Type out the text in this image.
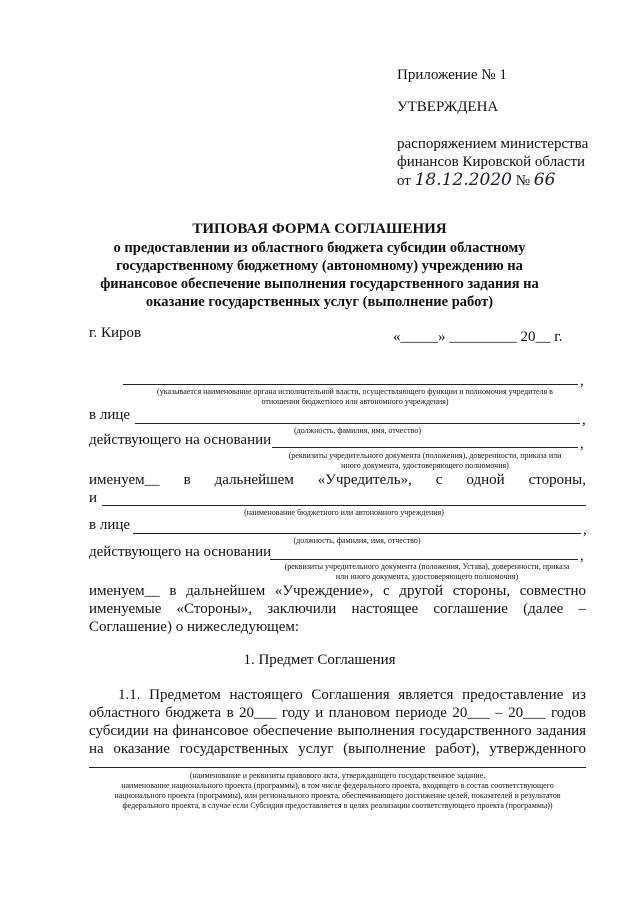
Приложение № 1
УТВЕРЖДЕНА
распоряжением министерства
финансов Кировской области
от 18.12.2020 № 66
ТИПОВАЯ ФОРМА СОГЛАШЕНИЯ
о предоставлении из областного бюджета субсидии областному
государственному бюджетному (автономному) учреждению на
финансовое обеспечение выполнения государственного задания на
оказание государственных услуг (выполнение работ)
г. Киров	«_____» _________ 20__ г.
,
(указывается наименование органа исполнительной власти, осуществляющего функции и полномочия учредителя в
отношении бюджетного или автономного учреждения)
в лице	,
(должность, фамилия, имя, отчество)
действующего на основании	,
(реквизиты учредительного документа (положения), доверенности, приказа или
иного документа, удостоверяющего полномочия)
именуем__ в дальнейшем «Учредитель», с одной стороны,
и
(наименование бюджетного или автономного учреждения)
в лице	,
(должность, фамилия, имя, отчество)
действующего на основании	,
(реквизиты учредительного документа (положения, Устава), доверенности, приказа
или иного документа, удостоверяющего полномочия)
именуем__ в дальнейшем «Учреждение», с другой стороны, совместно
именуемые «Стороны», заключили настоящее соглашение (далее –
Соглашение) о нижеследующем:
1. Предмет Соглашения
1.1. Предметом настоящего Соглашения является предоставление из
областного бюджета в 20___ году и плановом периоде 20___ – 20___ годов
субсидии на финансовое обеспечение выполнения государственного задания
на оказание государственных услуг (выполнение работ), утвержденного
(наименование и реквизиты правового акта, утверждающего государственное задание,
наименование национального проекта (программы), в том числе федерального проекта, входящего в состав соответствующего
национального проекта (программы), или регионального проекта, обеспечивающего достижение целей, показателей и результатов
федерального проекта, в случае если Субсидия предоставляется в целях реализации соответствующего проекта (программы))
